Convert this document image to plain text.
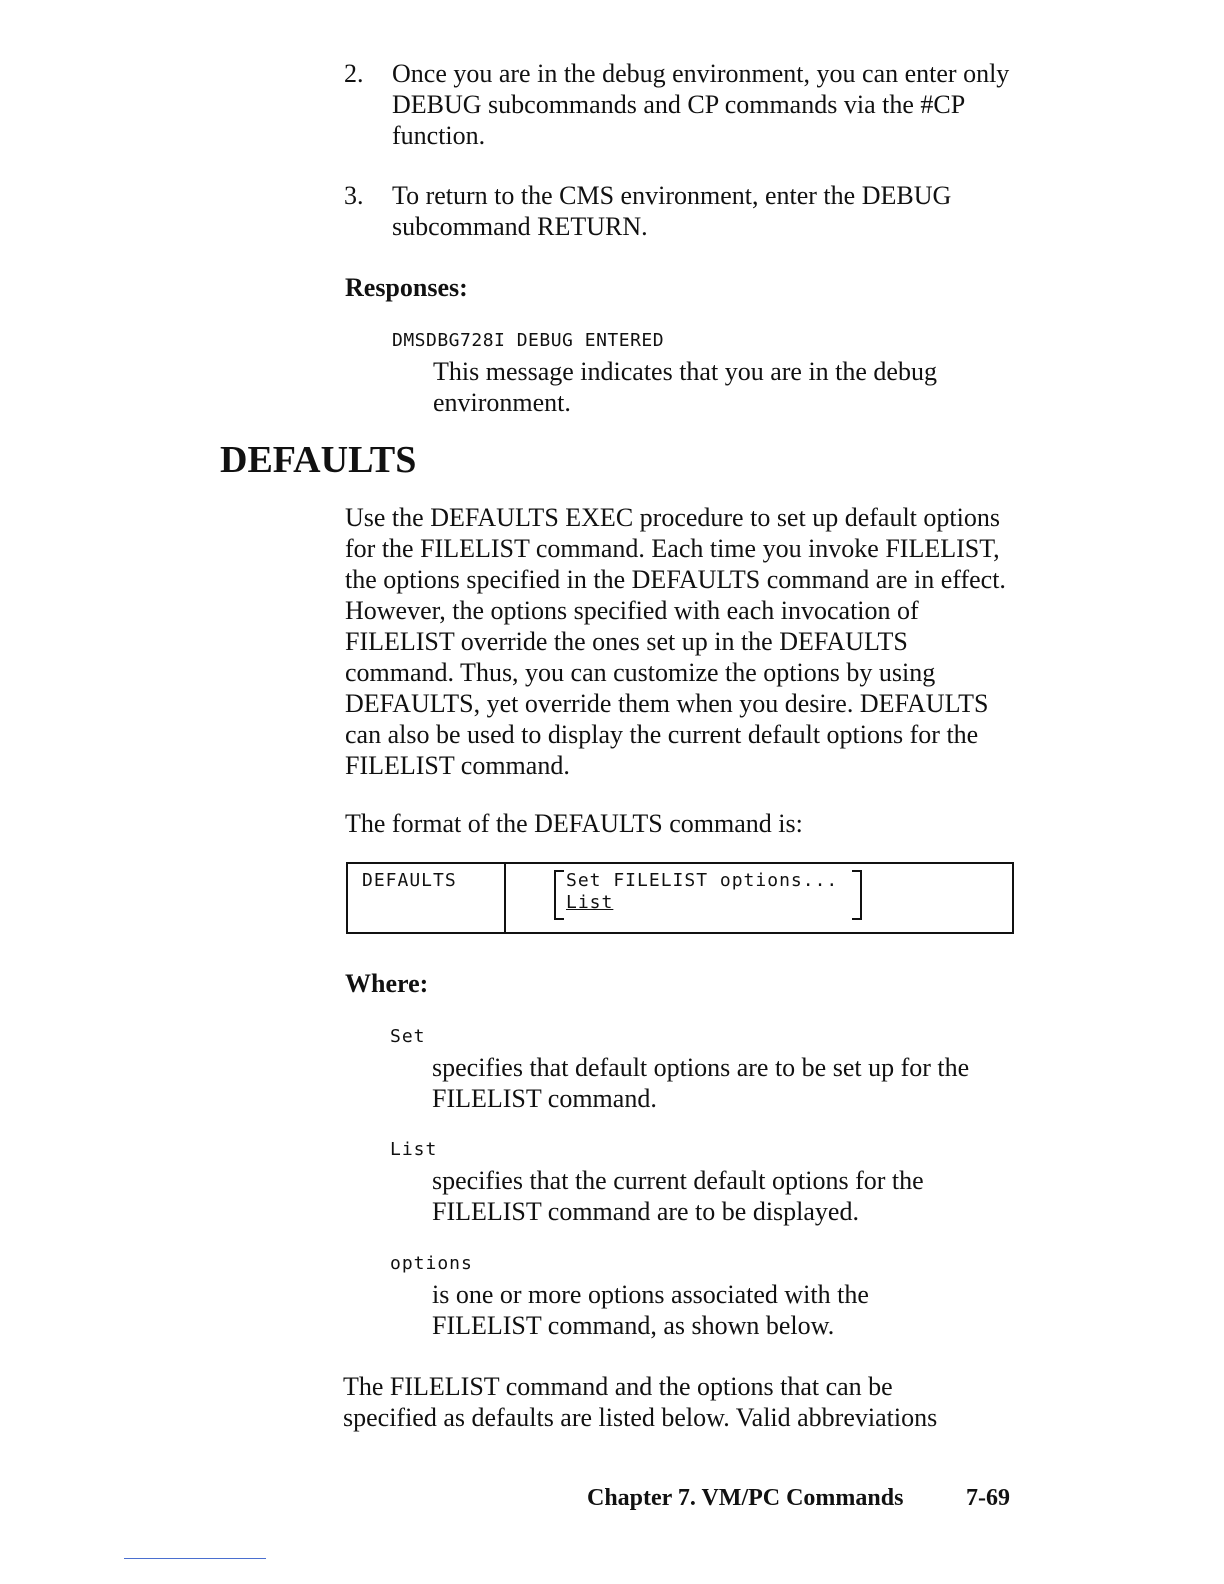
2. Once you are in the debug environment, you can enter only DEBUG subcommands and CP commands via the #CP function.
3. To return to the CMS environment, enter the DEBUG subcommand RETURN.
Responses:
DMSDBG728I DEBUG ENTERED
This message indicates that you are in the debug environment.
DEFAULTS
Use the DEFAULTS EXEC procedure to set up default options for the FILELIST command. Each time you invoke FILELIST, the options specified in the DEFAULTS command are in effect. However, the options specified with each invocation of FILELIST override the ones set up in the DEFAULTS command. Thus, you can customize the options by using DEFAULTS, yet override them when you desire. DEFAULTS can also be used to display the current default options for the FILELIST command.
The format of the DEFAULTS command is:
DEFAULTS	Set FILELIST options...
List
Where:
Set
specifies that default options are to be set up for the FILELIST command.
List
specifies that the current default options for the FILELIST command are to be displayed.
options
is one or more options associated with the FILELIST command, as shown below.
The FILELIST command and the options that can be specified as defaults are listed below. Valid abbreviations
Chapter 7. VM/PC Commands	7-69
